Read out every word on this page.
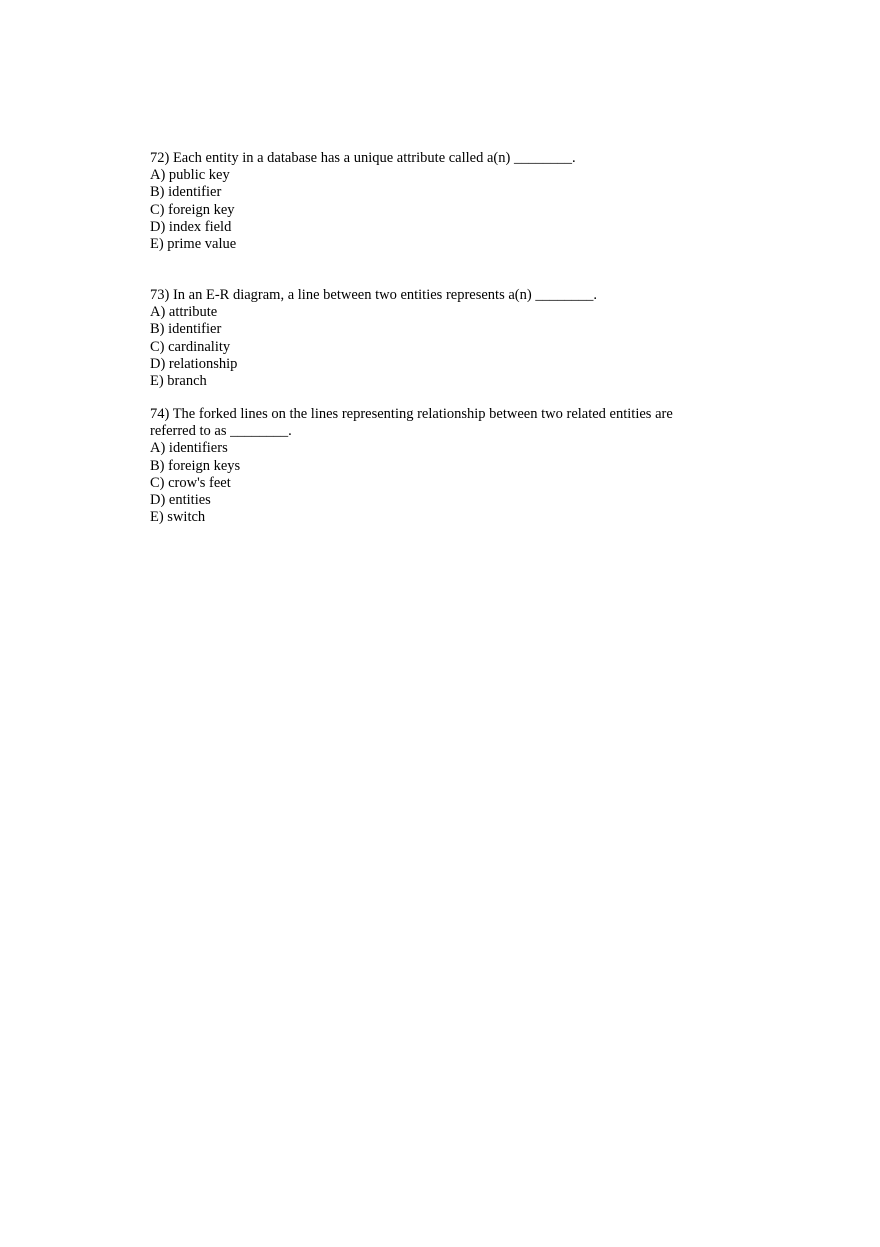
72) Each entity in a database has a unique attribute called a(n) ________.
A) public key
B) identifier
C) foreign key
D) index field
E) prime value
73) In an E-R diagram, a line between two entities represents a(n) ________.
A) attribute
B) identifier
C) cardinality
D) relationship
E) branch
74) The forked lines on the lines representing relationship between two related entities are referred to as ________.
A) identifiers
B) foreign keys
C) crow's feet
D) entities
E) switch
